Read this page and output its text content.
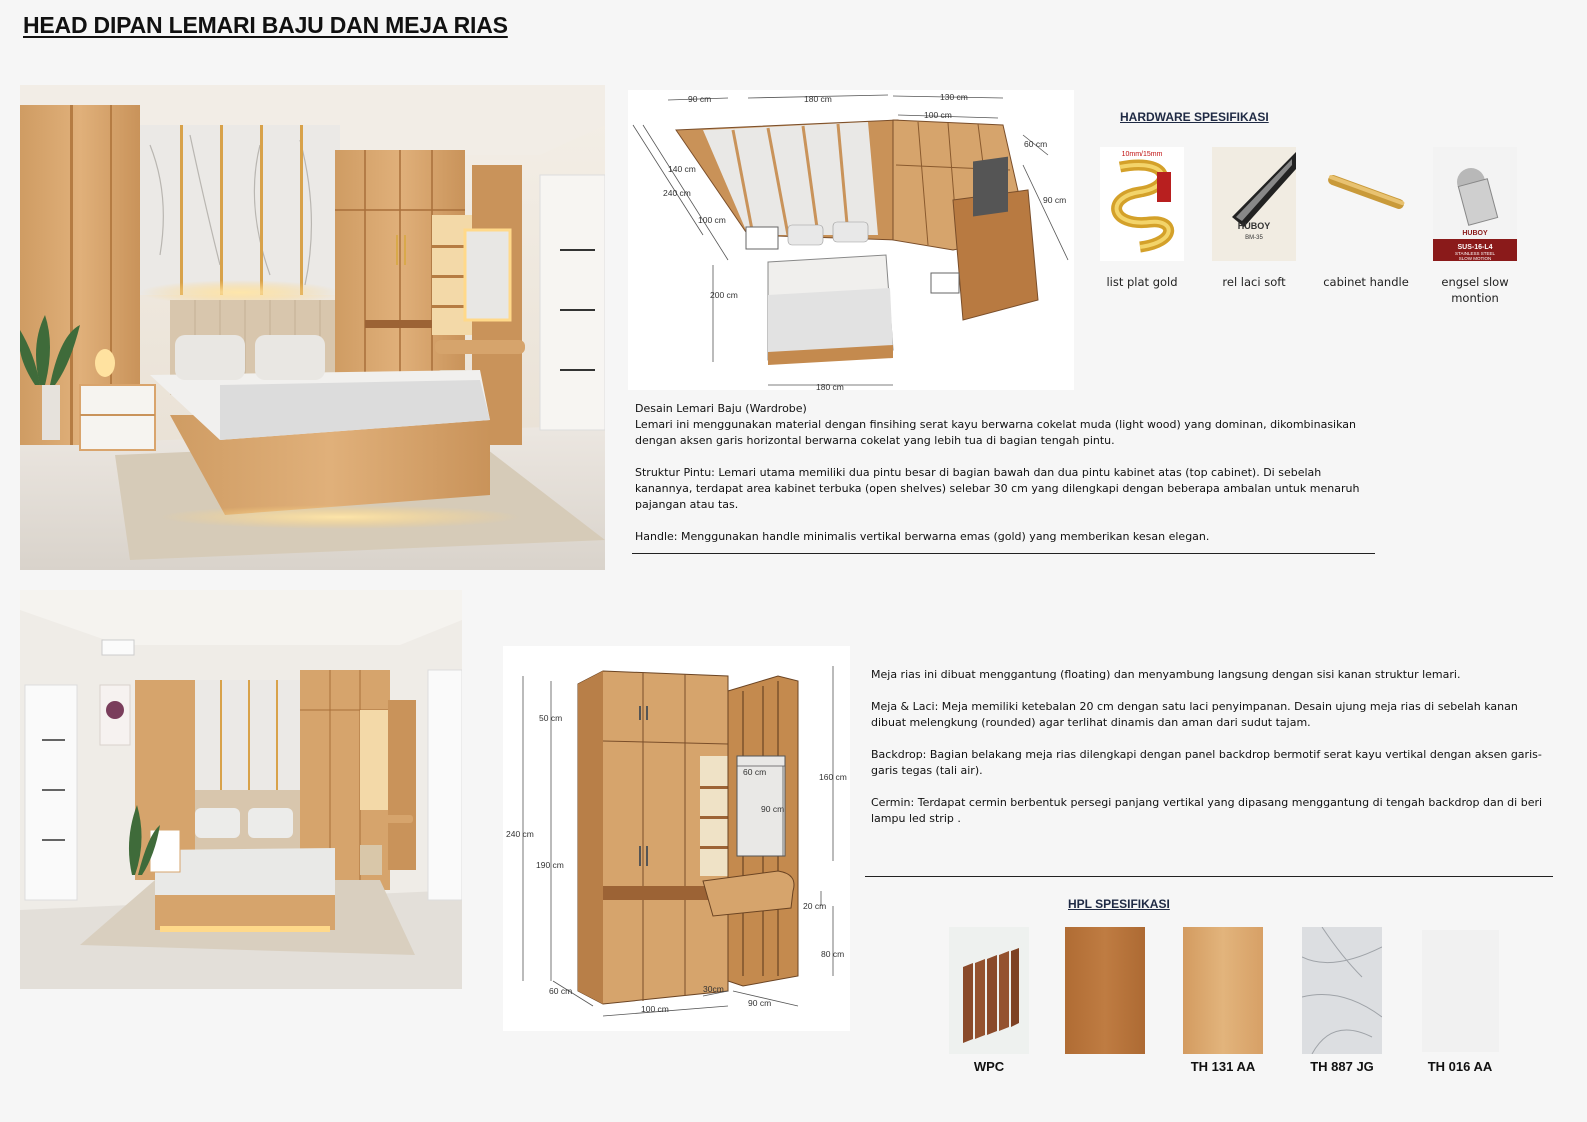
HEAD DIPAN LEMARI BAJU DAN MEJA RIAS
90 cm	180 cm	130 cm
100 cm
60 cm
140 cm
240 cm
100 cm
90 cm
200 cm
180 cm
HARDWARE SPESIFIKASI
10mm/15mm
list plat gold
HUBOY
BM-35
rel laci soft	cabinet handle
SUS-16-L4
STAINLESS STEEL
SLOW MOTION
HUBOY
engsel slow montion

Desain Lemari Baju (Wardrobe)

Lemari ini menggunakan material dengan finsihing serat kayu berwarna cokelat muda (light wood) yang dominan, dikombinasikan dengan aksen garis horizontal berwarna cokelat yang lebih tua di bagian tengah pintu.

Struktur Pintu: Lemari utama memiliki dua pintu besar di bagian bawah dan dua pintu kabinet atas (top cabinet). Di sebelah kanannya, terdapat area kabinet terbuka (open shelves) selebar 30 cm yang dilengkapi dengan beberapa ambalan untuk menaruh pajangan atau tas.

Handle: Menggunakan handle minimalis vertikal berwarna emas (gold) yang memberikan kesan elegan.

50 cm
240 cm
190 cm
60 cm
100 cm
30cm
90 cm
160 cm
60 cm
90 cm
20 cm
80 cm

Meja rias ini dibuat menggantung (floating) dan menyambung langsung dengan sisi kanan struktur lemari.

Meja & Laci: Meja memiliki ketebalan 20 cm dengan satu laci penyimpanan. Desain ujung meja rias di sebelah kanan dibuat melengkung (rounded) agar terlihat dinamis dan aman dari sudut tajam.

Backdrop: Bagian belakang meja rias dilengkapi dengan panel backdrop bermotif serat kayu vertikal dengan aksen garis-garis tegas (tali air).

Cermin: Terdapat cermin berbentuk persegi panjang vertikal yang dipasang menggantung di tengah backdrop dan di beri lampu led strip .

HPL SPESIFIKASI
WPC	TH 131 AA	TH 887 JG	TH 016 AA
